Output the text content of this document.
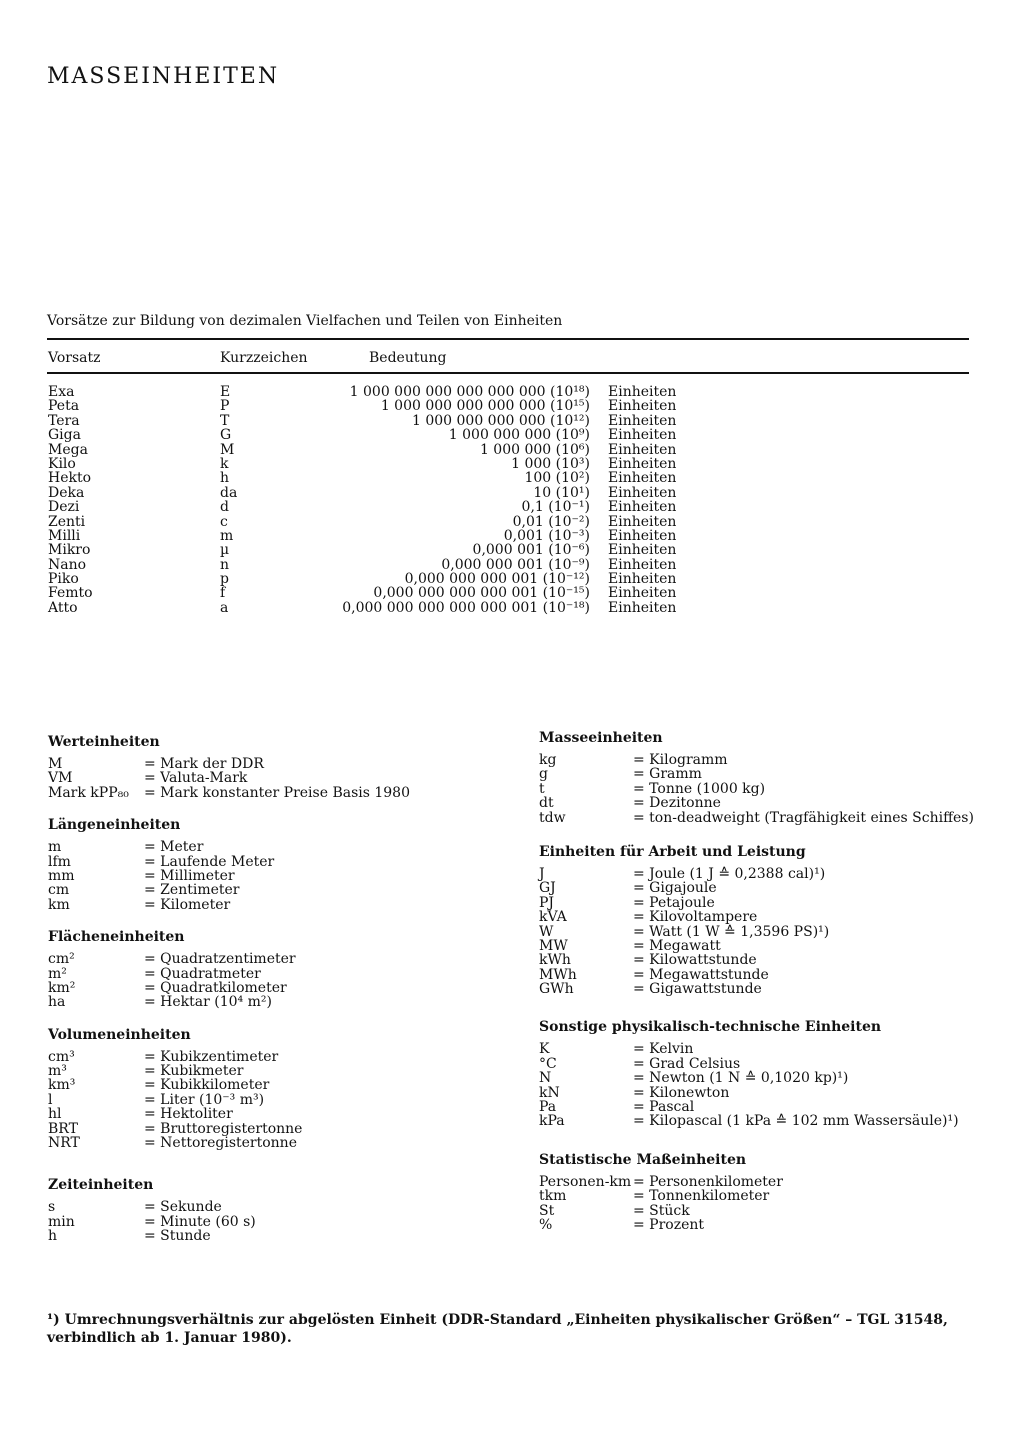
MASSEINHEITEN
Vorsätze zur Bildung von dezimalen Vielfachen und Teilen von Einheiten
Vorsatz	Kurzzeichen	Bedeutung
Exa	E	1 000 000 000 000 000 000 (10¹⁸) Einheiten
Peta	P	1 000 000 000 000 000 (10¹⁵) Einheiten
Tera	T	1 000 000 000 000 (10¹²) Einheiten
Giga	G	1 000 000 000 (10⁹) Einheiten
Mega	M	1 000 000 (10⁶) Einheiten
Kilo	k	1 000 (10³) Einheiten
Hekto	h	100 (10²) Einheiten
Deka	da	10 (10¹) Einheiten
Dezi	d	0,1 (10⁻¹) Einheiten
Zenti	c	0,01 (10⁻²) Einheiten
Milli	m	0,001 (10⁻³) Einheiten
Mikro	µ	0,000 001 (10⁻⁶) Einheiten
Nano	n	0,000 000 001 (10⁻⁹) Einheiten
Piko	p	0,000 000 000 001 (10⁻¹²) Einheiten
Femto	f	0,000 000 000 000 001 (10⁻¹⁵) Einheiten
Atto	a	0,000 000 000 000 000 001 (10⁻¹⁸) Einheiten
Werteinheiten
M	= Mark der DDR
VM	= Valuta-Mark
Mark kPP₈₀ = Mark konstanter Preise Basis 1980
Längeneinheiten
m	= Meter
lfm	= Laufende Meter
mm	= Millimeter
cm	= Zentimeter
km	= Kilometer
Flächeneinheiten
cm²	= Quadratzentimeter
m²	= Quadratmeter
km²	= Quadratkilometer
ha	= Hektar (10⁴ m²)
Volumeneinheiten
cm³	= Kubikzentimeter
m³	= Kubikmeter
km³	= Kubikkilometer
l	= Liter (10⁻³ m³)
hl	= Hektoliter
BRT	= Bruttoregistertonne
NRT	= Nettoregistertonne
Zeiteinheiten
s	= Sekunde
min	= Minute (60 s)
h	= Stunde
Masseeinheiten
kg	= Kilogramm
g	= Gramm
t	= Tonne (1000 kg)
dt	= Dezitonne
tdw	= ton-deadweight (Tragfähigkeit eines Schiffes)
Einheiten für Arbeit und Leistung
J	= Joule (1 J ≙ 0,2388 cal)¹)
GJ	= Gigajoule
PJ	= Petajoule
kVA	= Kilovoltampere
W	= Watt (1 W ≙ 1,3596 PS)¹)
MW	= Megawatt
kWh	= Kilowattstunde
MWh	= Megawattstunde
GWh	= Gigawattstunde
Sonstige physikalisch-technische Einheiten
K	= Kelvin
°C	= Grad Celsius
N	= Newton (1 N ≙ 0,1020 kp)¹)
kN	= Kilonewton
Pa	= Pascal
kPa	= Kilopascal (1 kPa ≙ 102 mm Wassersäule)¹)
Statistische Maßeinheiten
Personen-km = Personenkilometer
tkm	= Tonnenkilometer
St	= Stück
%	= Prozent
¹) Umrechnungsverhältnis zur abgelösten Einheit (DDR-Standard „Einheiten physikalischer Größen“ – TGL 31548, verbindlich ab 1. Januar 1980).
